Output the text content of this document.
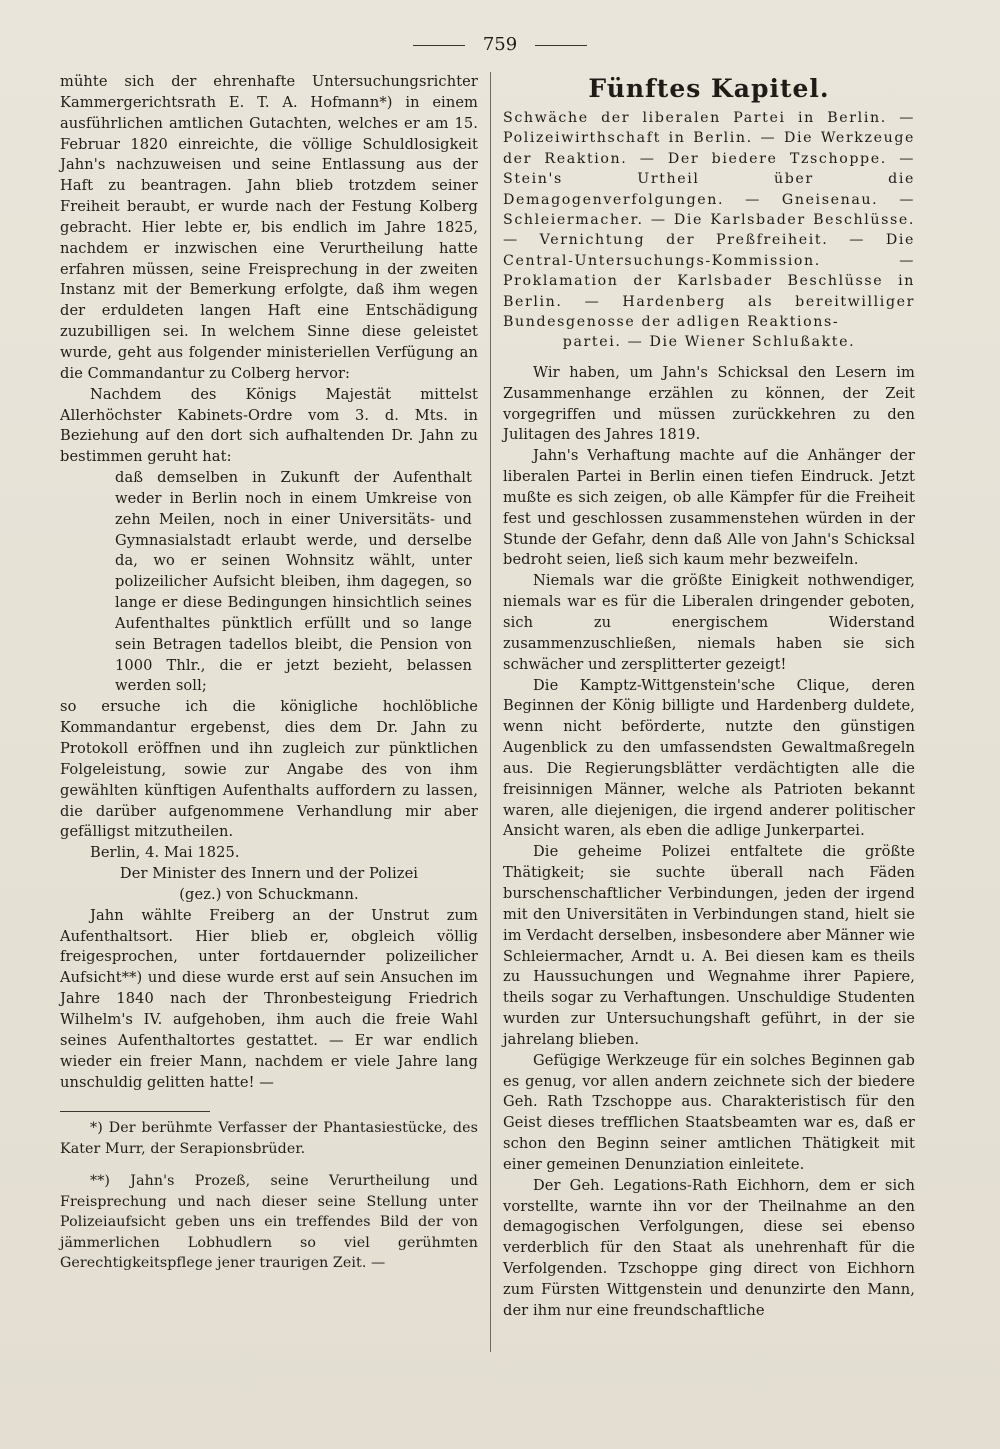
759

mühte sich der ehrenhafte Untersuchungsrichter Kammergerichtsrath E. T. A. Hofmann*) in einem ausführlichen amtlichen Gutachten, welches er am 15. Februar 1820 einreichte, die völlige Schuldlosigkeit Jahn's nachzuweisen und seine Entlassung aus der Haft zu beantragen. Jahn blieb trotzdem seiner Freiheit beraubt, er wurde nach der Festung Kolberg gebracht. Hier lebte er, bis endlich im Jahre 1825, nachdem er inzwischen eine Verurtheilung hatte erfahren müssen, seine Freisprechung in der zweiten Instanz mit der Bemerkung erfolgte, daß ihm wegen der erduldeten langen Haft eine Entschädigung zuzubilligen sei. In welchem Sinne diese geleistet wurde, geht aus folgender ministeriellen Verfügung an die Commandantur zu Colberg hervor:

Nachdem des Königs Majestät mittelst Allerhöchster Kabinets-Ordre vom 3. d. Mts. in Beziehung auf den dort sich aufhaltenden Dr. Jahn zu bestimmen geruht hat:

daß demselben in Zukunft der Aufenthalt weder in Berlin noch in einem Umkreise von zehn Meilen, noch in einer Universitäts- und Gymnasialstadt erlaubt werde, und derselbe da, wo er seinen Wohnsitz wählt, unter polizeilicher Aufsicht bleiben, ihm dagegen, so lange er diese Bedingungen hinsichtlich seines Aufenthaltes pünktlich erfüllt und so lange sein Betragen tadellos bleibt, die Pension von 1000 Thlr., die er jetzt bezieht, belassen werden soll;

so ersuche ich die königliche hochlöbliche Kommandantur ergebenst, dies dem Dr. Jahn zu Protokoll eröffnen und ihn zugleich zur pünktlichen Folgeleistung, sowie zur Angabe des von ihm gewählten künftigen Aufenthalts auffordern zu lassen, die darüber aufgenommene Verhandlung mir aber gefälligst mitzutheilen.

Berlin, 4. Mai 1825.

Der Minister des Innern und der Polizei

(gez.) von Schuckmann.

Jahn wählte Freiberg an der Unstrut zum Aufenthaltsort. Hier blieb er, obgleich völlig freigesprochen, unter fortdauernder polizeilicher Aufsicht**) und diese wurde erst auf sein Ansuchen im Jahre 1840 nach der Thronbesteigung Friedrich Wilhelm's IV. aufgehoben, ihm auch die freie Wahl seines Aufenthaltortes gestattet. — Er war endlich wieder ein freier Mann, nachdem er viele Jahre lang unschuldig gelitten hatte! —

*) Der berühmte Verfasser der Phantasiestücke, des Kater Murr, der Serapionsbrüder.

**) Jahn's Prozeß, seine Verurtheilung und Freisprechung und nach dieser seine Stellung unter Polizeiaufsicht geben uns ein treffendes Bild der von jämmerlichen Lobhudlern so viel gerühmten Gerechtigkeitspflege jener traurigen Zeit. —

Fünftes Kapitel.

Schwäche der liberalen Partei in Berlin. — Polizeiwirthschaft in Berlin. — Die Werkzeuge der Reaktion. — Der biedere Tzschoppe. — Stein's Urtheil über die Demagogenverfolgungen. — Gneisenau. — Schleiermacher. — Die Karlsbader Beschlüsse. — Vernichtung der Preßfreiheit. — Die Central-Untersuchungs-Kommission. — Proklamation der Karlsbader Beschlüsse in Berlin. — Hardenberg als bereitwilliger Bundesgenosse der adligen Reaktions-

partei. — Die Wiener Schlußakte.

Wir haben, um Jahn's Schicksal den Lesern im Zusammenhange erzählen zu können, der Zeit vorgegriffen und müssen zurückkehren zu den Julitagen des Jahres 1819.

Jahn's Verhaftung machte auf die Anhänger der liberalen Partei in Berlin einen tiefen Eindruck. Jetzt mußte es sich zeigen, ob alle Kämpfer für die Freiheit fest und geschlossen zusammenstehen würden in der Stunde der Gefahr, denn daß Alle von Jahn's Schicksal bedroht seien, ließ sich kaum mehr bezweifeln.

Niemals war die größte Einigkeit nothwendiger, niemals war es für die Liberalen dringender geboten, sich zu energischem Widerstand zusammenzuschließen, niemals haben sie sich schwächer und zersplitterter gezeigt!

Die Kamptz-Wittgenstein'sche Clique, deren Beginnen der König billigte und Hardenberg duldete, wenn nicht beförderte, nutzte den günstigen Augenblick zu den umfassendsten Gewaltmaßregeln aus. Die Regierungsblätter verdächtigten alle die freisinnigen Männer, welche als Patrioten bekannt waren, alle diejenigen, die irgend anderer politischer Ansicht waren, als eben die adlige Junkerpartei.

Die geheime Polizei entfaltete die größte Thätigkeit; sie suchte überall nach Fäden burschenschaftlicher Verbindungen, jeden der irgend mit den Universitäten in Verbindungen stand, hielt sie im Verdacht derselben, insbesondere aber Männer wie Schleiermacher, Arndt u. A. Bei diesen kam es theils zu Haussuchungen und Wegnahme ihrer Papiere, theils sogar zu Verhaftungen. Unschuldige Studenten wurden zur Untersuchungshaft geführt, in der sie jahrelang blieben.

Gefügige Werkzeuge für ein solches Beginnen gab es genug, vor allen andern zeichnete sich der biedere Geh. Rath Tzschoppe aus. Charakteristisch für den Geist dieses trefflichen Staatsbeamten war es, daß er schon den Beginn seiner amtlichen Thätigkeit mit einer gemeinen Denunziation einleitete.

Der Geh. Legations-Rath Eichhorn, dem er sich vorstellte, warnte ihn vor der Theilnahme an den demagogischen Verfolgungen, diese sei ebenso verderblich für den Staat als unehrenhaft für die Verfolgenden. Tzschoppe ging direct von Eichhorn zum Fürsten Wittgenstein und denunzirte den Mann, der ihm nur eine freundschaftliche
